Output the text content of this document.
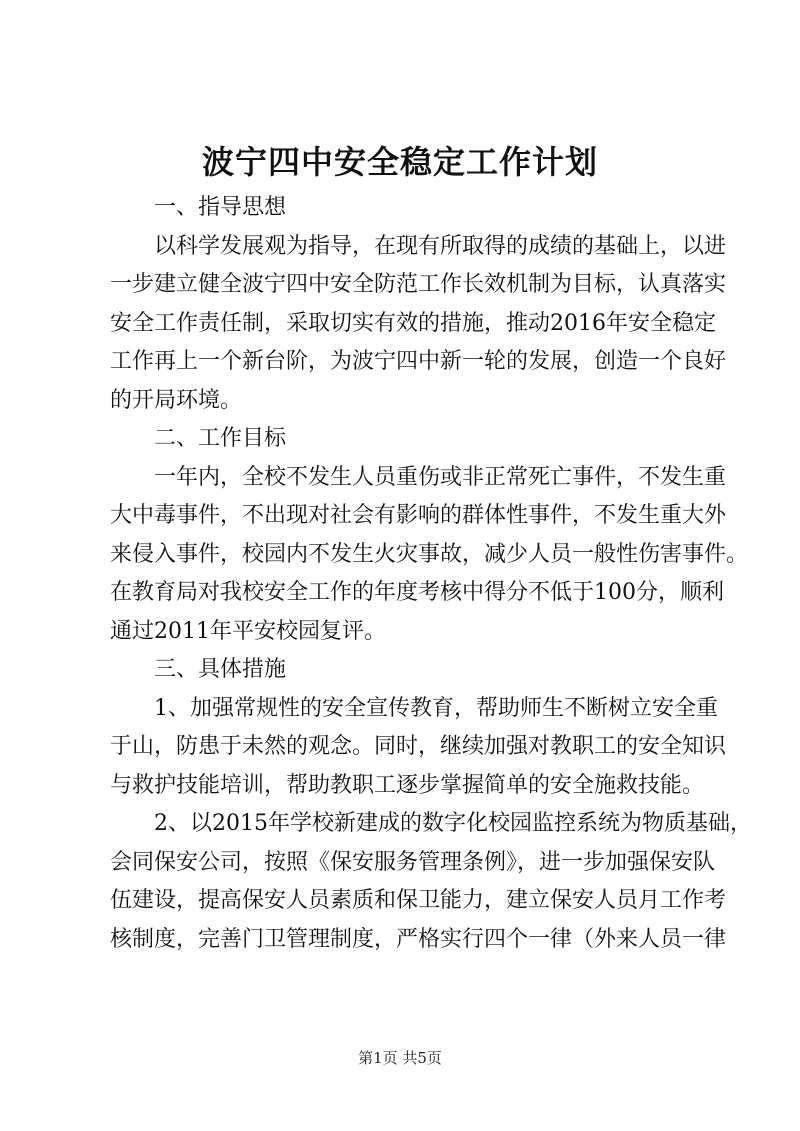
波宁四中安全稳定工作计划
一、指导思想
以科学发展观为指导，在现有所取得的成绩的基础上，以进
一步建立健全波宁四中安全防范工作长效机制为目标，认真落实
安全工作责任制，采取切实有效的措施，推动2016年安全稳定
工作再上一个新台阶，为波宁四中新一轮的发展，创造一个良好
的开局环境。
二、工作目标
一年内，全校不发生人员重伤或非正常死亡事件，不发生重
大中毒事件，不出现对社会有影响的群体性事件，不发生重大外
来侵入事件，校园内不发生火灾事故，减少人员一般性伤害事件。
在教育局对我校安全工作的年度考核中得分不低于100分，顺利
通过2011年平安校园复评。
三、具体措施
1、加强常规性的安全宣传教育，帮助师生不断树立安全重
于山，防患于未然的观念。同时，继续加强对教职工的安全知识
与救护技能培训，帮助教职工逐步掌握简单的安全施救技能。
2、以2015年学校新建成的数字化校园监控系统为物质基础，
会同保安公司，按照《保安服务管理条例》，进一步加强保安队
伍建设，提高保安人员素质和保卫能力，建立保安人员月工作考
核制度，完善门卫管理制度，严格实行四个一律（外来人员一律
第1页 共5页
